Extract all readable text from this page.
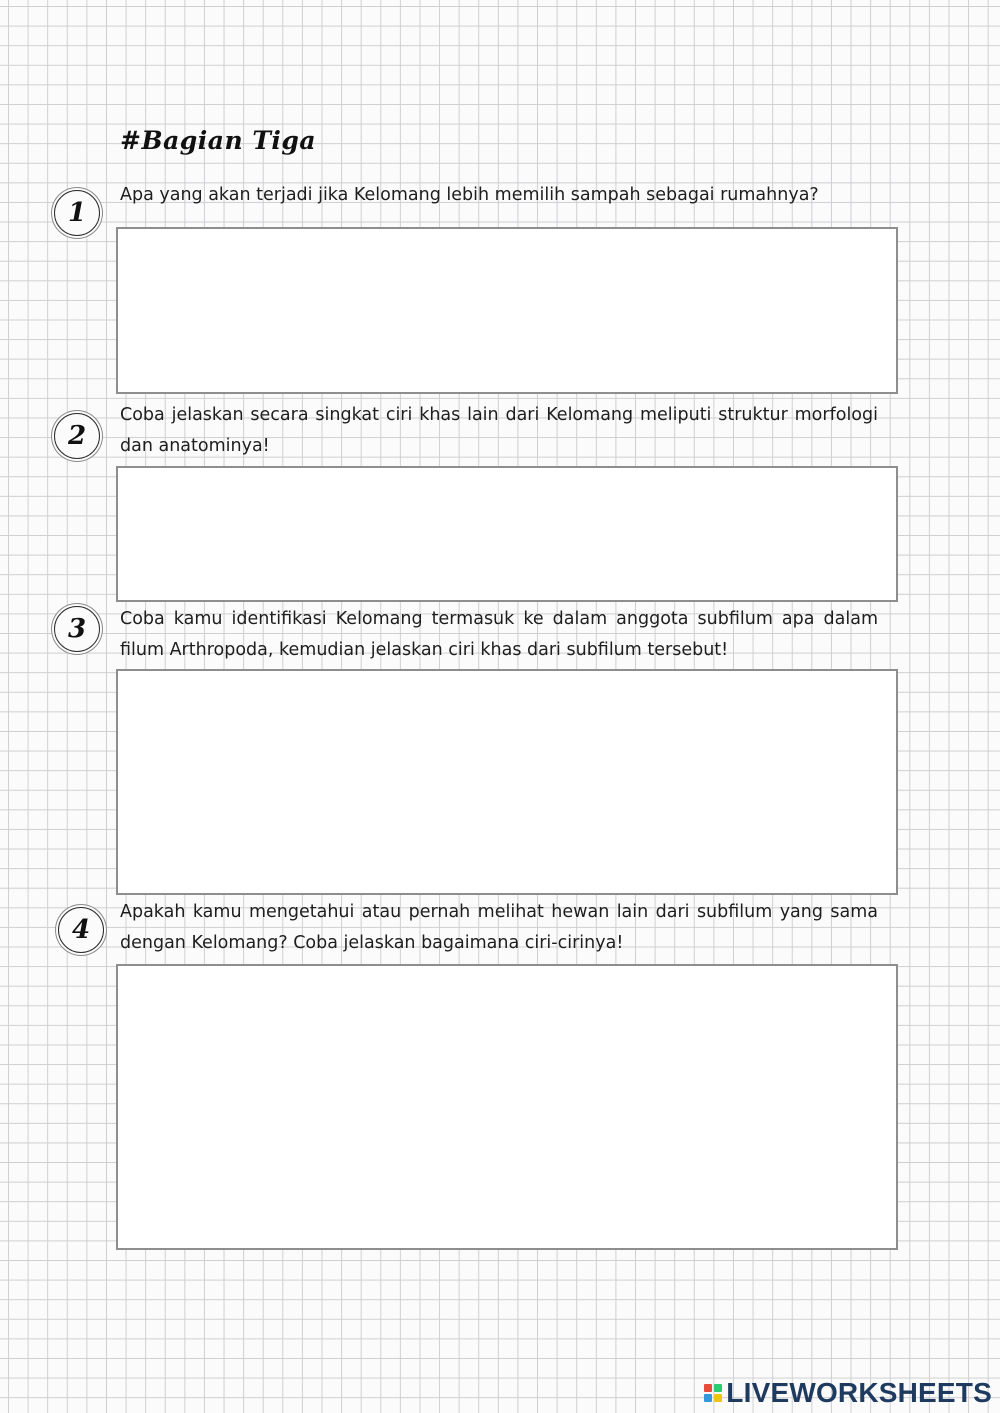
#Bagian Tiga
1
Apa yang akan terjadi jika Kelomang lebih memilih sampah sebagai rumahnya?
2
Coba jelaskan secara singkat ciri khas lain dari Kelomang meliputi struktur morfologi dan anatominya!
3	Coba kamu identifikasi Kelomang termasuk ke dalam anggota subfilum apa dalam filum Arthropoda, kemudian jelaskan ciri khas dari subfilum tersebut!
4
Apakah kamu mengetahui atau pernah melihat hewan lain dari subfilum yang sama dengan Kelomang? Coba jelaskan bagaimana ciri-cirinya!
LIVEWORKSHEETS
